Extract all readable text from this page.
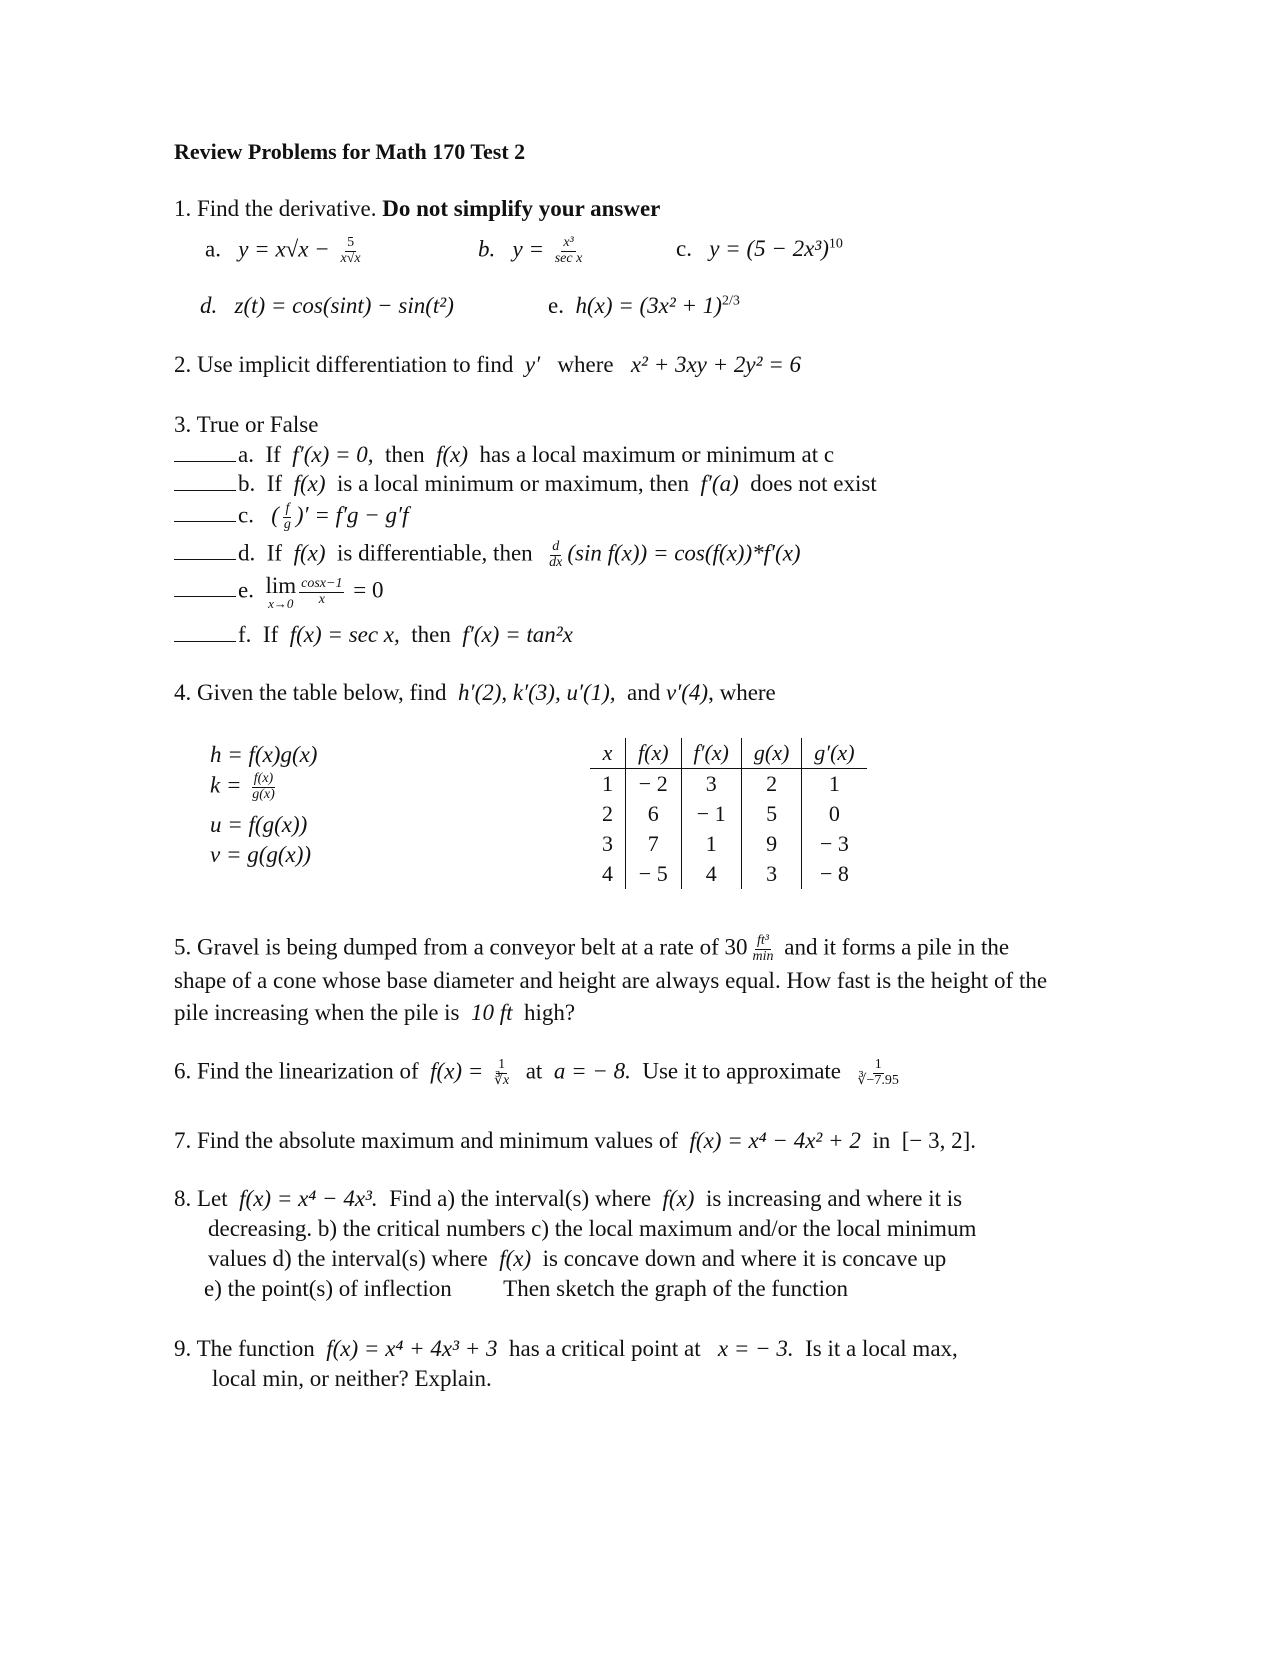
Review Problems for Math 170 Test 2
1. Find the derivative. Do not simplify your answer
a. $y = x√x - \frac{5}{x√x}$	b. $y = \frac{\text{x³}}{\text{sec x}}$	c. $y = (5 - 2x^3)^{10}$
d. z(t) = cos(sint) − sin(t²)	e. $h(x) = (3x^2 + 1)^{2/3}$
2. Use implicit differentiation to find y′ where x² + 3xy + 2y² = 6
3. True or False
a. If f′(x) = 0, then f(x) has a local maximum or minimum at c
b. If f(x) is a local minimum or maximum, then f′(a) does not exist
c. ( $\frac{f}{g}$ )′ = f′g − g′f
d. If f(x) is differentiable, then $\frac{d}{dx} (\sin$ f(x)) = cos(f(x))*f′(x)
e. lim
$x\to 0 \frac{\cos x-1}{x} = 0$
f. If f(x) = sec x, then f′(x) = tan²x
4. Given the table below, find h′(2), k′(3), u′(1), and v′(4), where
h = f(x)g(x)
$k = \frac{f(x)}{g(x)}$
u = f(g(x))
v = g(g(x))
x	f(x)	f′(x)	g(x)	g′(x)
1	− 2	3	2	1
2	6	− 1	5	0
3	7	1	9	− 3
4	− 5	4	3	− 8
5. Gravel is being dumped from a conveyor belt at a rate of $30 \frac{\text{ft³}}{\min}$ and it forms a pile in the
shape of a cone whose base diameter and height are always equal. How fast is the height of the
pile increasing when the pile is 10 ft high?
6. Find the linearization of $f(x) = \frac{1}{∛x}$ at a = − 8. Use it to approximate $\frac{1}{∛-7.95}$
7. Find the absolute maximum and minimum values of f(x) = x⁴ − 4x² + 2 in [− 3, 2].
8. Let f(x) = x⁴ − 4x³. Find a) the interval(s) where f(x) is increasing and where it is
decreasing. b) the critical numbers c) the local maximum and/or the local minimum
values d) the interval(s) where f(x) is concave down and where it is concave up
e) the point(s) of inflection Then sketch the graph of the function
9. The function f(x) = x⁴ + 4x³ + 3 has a critical point at x = − 3. Is it a local max,
local min, or neither? Explain.
